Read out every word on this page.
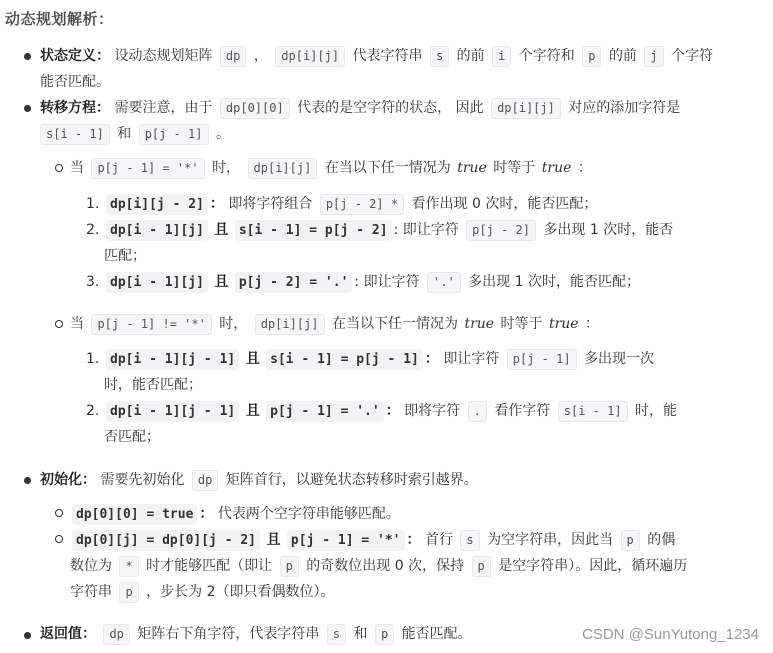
动态规划解析：
状态定义： 设动态规划矩阵 dp ， dp[i][j] 代表字符串 s 的前 i 个字符和 p 的前 j 个字符
能否匹配。
转移方程： 需要注意，由于 dp[0][0] 代表的是空字符的状态， 因此 dp[i][j] 对应的添加字符是
s[i - 1] 和 p[j - 1] 。
当 p[j - 1] = '*' 时， dp[i][j] 在当以下任一情况为 true 时等于 true ：
1. dp[i][j - 2] ： 即将字符组合 p[j - 2] * 看作出现 0 次时，能否匹配；
2. dp[i - 1][j] 且 s[i - 1] = p[j - 2] : 即让字符 p[j - 2] 多出现 1 次时，能否
匹配；
3. dp[i - 1][j] 且 p[j - 2] = '.' : 即让字符 '.' 多出现 1 次时，能否匹配；
当 p[j - 1] != '*' 时， dp[i][j] 在当以下任一情况为 true 时等于 true ：
1. dp[i - 1][j - 1] 且 s[i - 1] = p[j - 1] ： 即让字符 p[j - 1] 多出现一次
时，能否匹配；
2. dp[i - 1][j - 1] 且 p[j - 1] = '.' ： 即将字符 . 看作字符 s[i - 1] 时，能
否匹配；
初始化： 需要先初始化 dp 矩阵首行，以避免状态转移时索引越界。
dp[0][0] = true ： 代表两个空字符串能够匹配。
dp[0][j] = dp[0][j - 2] 且 p[j - 1] = '*' ： 首行 s 为空字符串，因此当 p 的偶
数位为 * 时才能够匹配（即让 p 的奇数位出现 0 次，保持 p 是空字符串）。因此，循环遍历
字符串 p ，步长为 2（即只看偶数位）。
返回值： dp 矩阵右下角字符，代表字符串 s 和 p 能否匹配。	CSDN @SunYutong_1234
